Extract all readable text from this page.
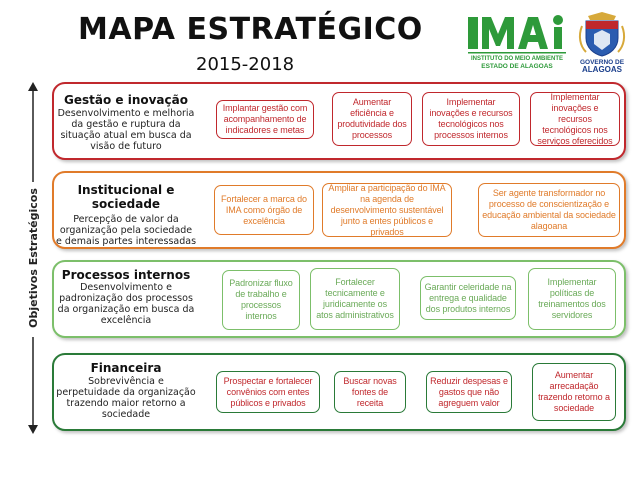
MAPA ESTRATÉGICO
2015-2018	INSTITUTO DO MEIO AMBIENTE
ESTADO DE ALAGOAS
GOVERNO DE
ALAGOAS
Objetivos Estratégicos
Gestão e inovação
Desenvolvimento e melhoria da gestão e ruptura da situação atual em busca da visão de futuro
Implantar gestão com acompanhamento de indicadores e metas
Aumentar eficiência e produtividade dos processos
Implementar inovações e recursos tecnológicos nos processos internos
Implementar inovações e recursos tecnológicos nos serviços oferecidos
Institucional e sociedade
Percepção de valor da organização pela sociedade e demais partes interessadas
Fortalecer a marca do IMA como órgão de excelência
Ampliar a participação do IMA na agenda de desenvolvimento sustentável junto a entes públicos e privados
Ser agente transformador no processo de conscientização e educação ambiental da sociedade alagoana
Processos internos
Desenvolvimento e padronização dos processos da organização em busca da excelência
Padronizar fluxo de trabalho e processos internos
Fortalecer tecnicamente e juridicamente os atos administrativos
Garantir celeridade na entrega e qualidade dos produtos internos
Implementar políticas de treinamentos dos servidores
Financeira
Sobrevivência e perpetuidade da organização trazendo maior retorno a sociedade
Prospectar e fortalecer convênios com entes públicos e privados
Buscar novas fontes de receita
Reduzir despesas e gastos que não agreguem valor
Aumentar arrecadação trazendo retorno a sociedade
